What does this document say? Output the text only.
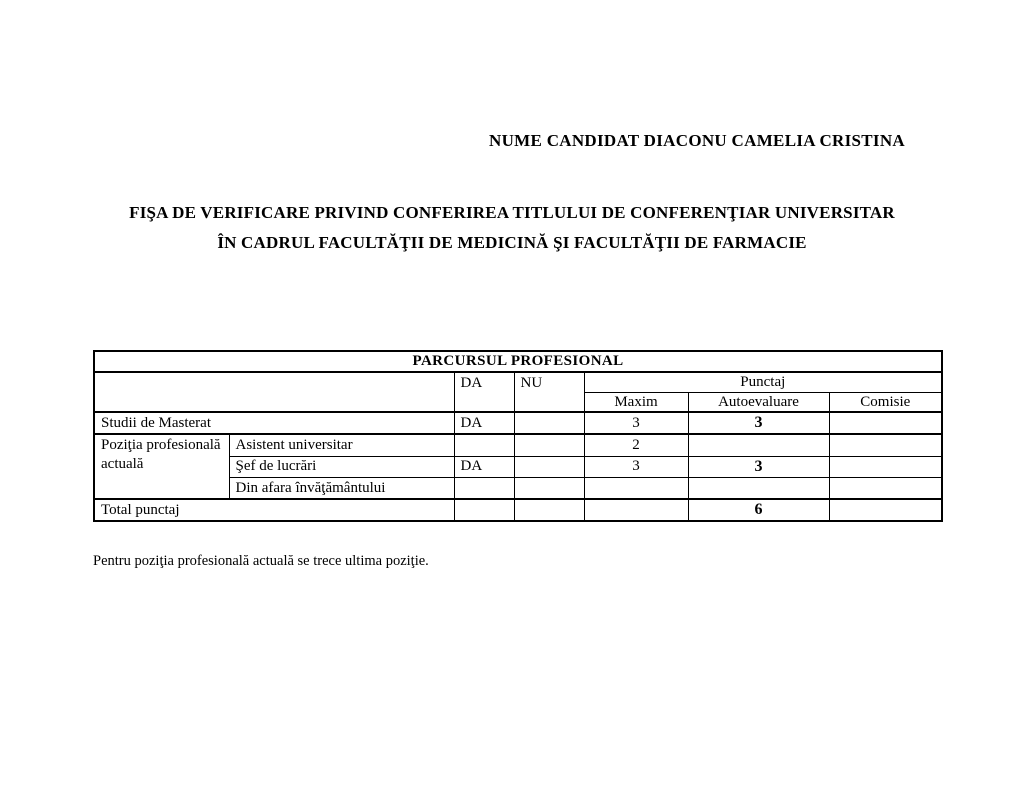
NUME CANDIDAT DIACONU CAMELIA CRISTINA
FIŞA DE VERIFICARE PRIVIND CONFERIREA TITLULUI DE CONFERENŢIAR UNIVERSITAR
ÎN CADRUL FACULTĂŢII DE MEDICINĂ ŞI FACULTĂŢII DE FARMACIE
PARCURSUL PROFESIONAL						
		DA	NU	Punctaj		
				Maxim	Autoevaluare	Comisie
Studii de Masterat		DA		3	3	
Poziţia profesională actuală	Asistent universitar			2		
	Şef de lucrări	DA		3	3	
	Din afara învăţământului					
Total punctaj					6	
Pentru poziţia profesională actuală se trece ultima poziţie.
